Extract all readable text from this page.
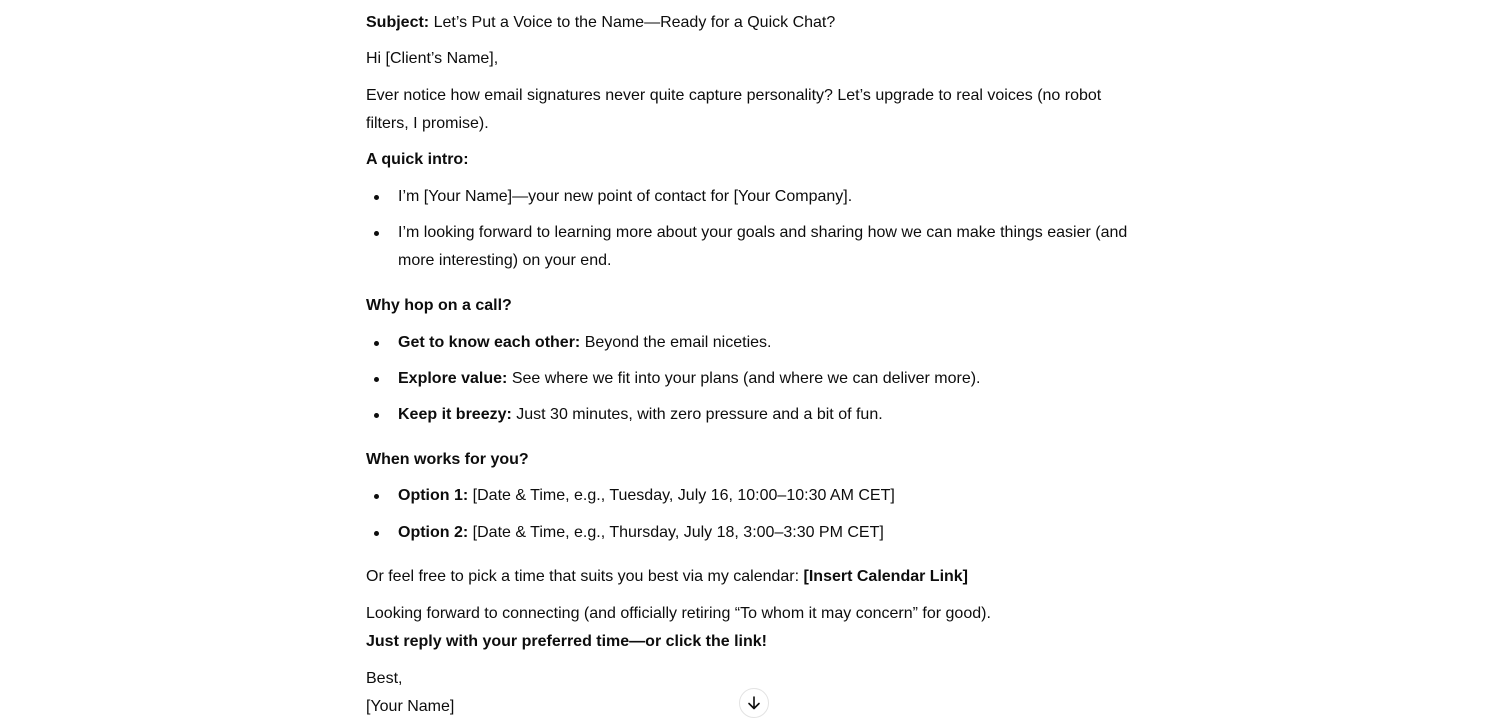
Subject: Let’s Put a Voice to the Name—Ready for a Quick Chat?

Hi [Client’s Name],

Ever notice how email signatures never quite capture personality? Let’s upgrade to real voices (no robot filters, I promise).

A quick intro:

I’m [Your Name]—your new point of contact for [Your Company].
I’m looking forward to learning more about your goals and sharing how we can make things easier (and more interesting) on your end.

Why hop on a call?

Get to know each other: Beyond the email niceties.
Explore value: See where we fit into your plans (and where we can deliver more).
Keep it breezy: Just 30 minutes, with zero pressure and a bit of fun.

When works for you?

Option 1: [Date & Time, e.g., Tuesday, July 16, 10:00–10:30 AM CET]
Option 2: [Date & Time, e.g., Thursday, July 18, 3:00–3:30 PM CET]

Or feel free to pick a time that suits you best via my calendar: [Insert Calendar Link]

Looking forward to connecting (and officially retiring “To whom it may concern” for good).

Just reply with your preferred time—or click the link!

Best,

[Your Name]
